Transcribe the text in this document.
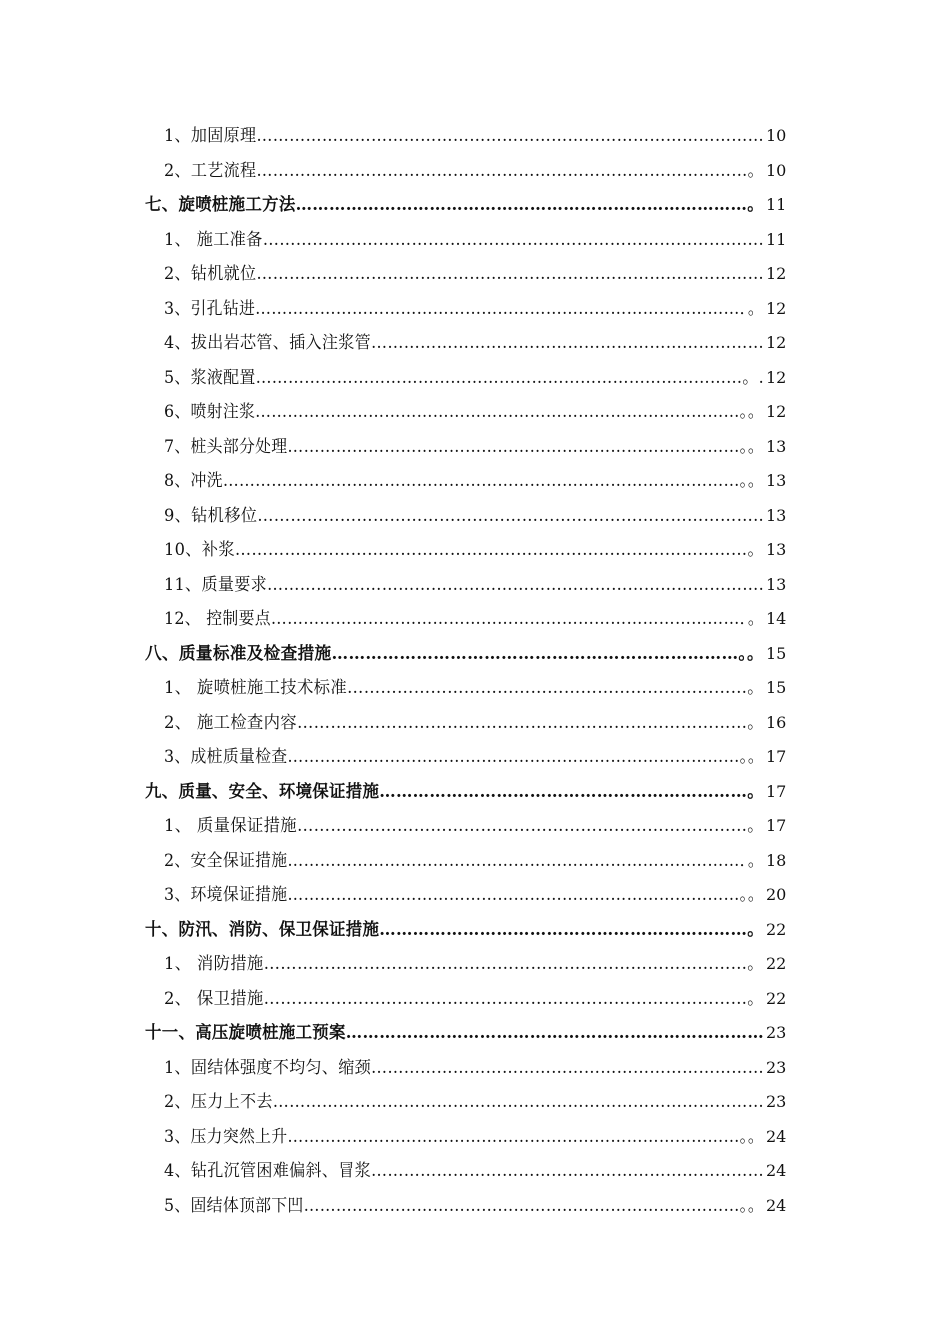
1、加固原理………………………………………………………………………………… 10
2、工艺流程………………………………………………………………………………。 10
七、旋喷桩施工方法………………………………………………………………………。 11
1、 施工准备………………………………………………………………………………. 11
2、钻机就位………………………………………………………………………………… 12
3、引孔钻进………………………………………………………………………………．。 12
4、拔出岩芯管、插入注浆管……………………………………………………………… 12
5、浆液配置………………………………………………………………………………。. 12
6、喷射注浆………………………………………………………………………………。。 12
7、桩头部分处理…………………………………………………………………………。。 13
8、冲洗……………………………………………………………………………………。。 13
9、钻机移位……………………………………………………………………………….. 13
10、补浆…………………………………………………………………………………。 13
11、质量要求………………………………………………………………………………. 13
12、 控制要点……………………………………………………………………………．。 14
八、质量标准及检查措施………………………………………………………………。。 15
1、 旋喷桩施工技术标准………………………………………………………………。 15
2、 施工检查内容………………………………………………………………………。 16
3、成桩质量检查…………………………………………………………………………。。 17
九、质量、安全、环境保证措施…………………………………………………………。 17
1、 质量保证措施………………………………………………………………………。 17
2、安全保证措施…………………………………………………………………………．。 18
3、环境保证措施…………………………………………………………………………。。 20
十、防汛、消防、保卫保证措施…………………………………………………………。 22
1、 消防措施……………………………………………………………………………。 22
2、 保卫措施……………………………………………………………………………。 22
十一、高压旋喷桩施工预案………………………………………………………………… 23
1、固结体强度不均匀、缩颈……………………………………………………………… 23
2、压力上不去……………………………………………………………………………… 23
3、压力突然上升…………………………………………………………………………。。 24
4、钻孔沉管困难偏斜、冒浆……………………………………………………………… 24
5、固结体顶部下凹………………………………………………………………………。。 24
